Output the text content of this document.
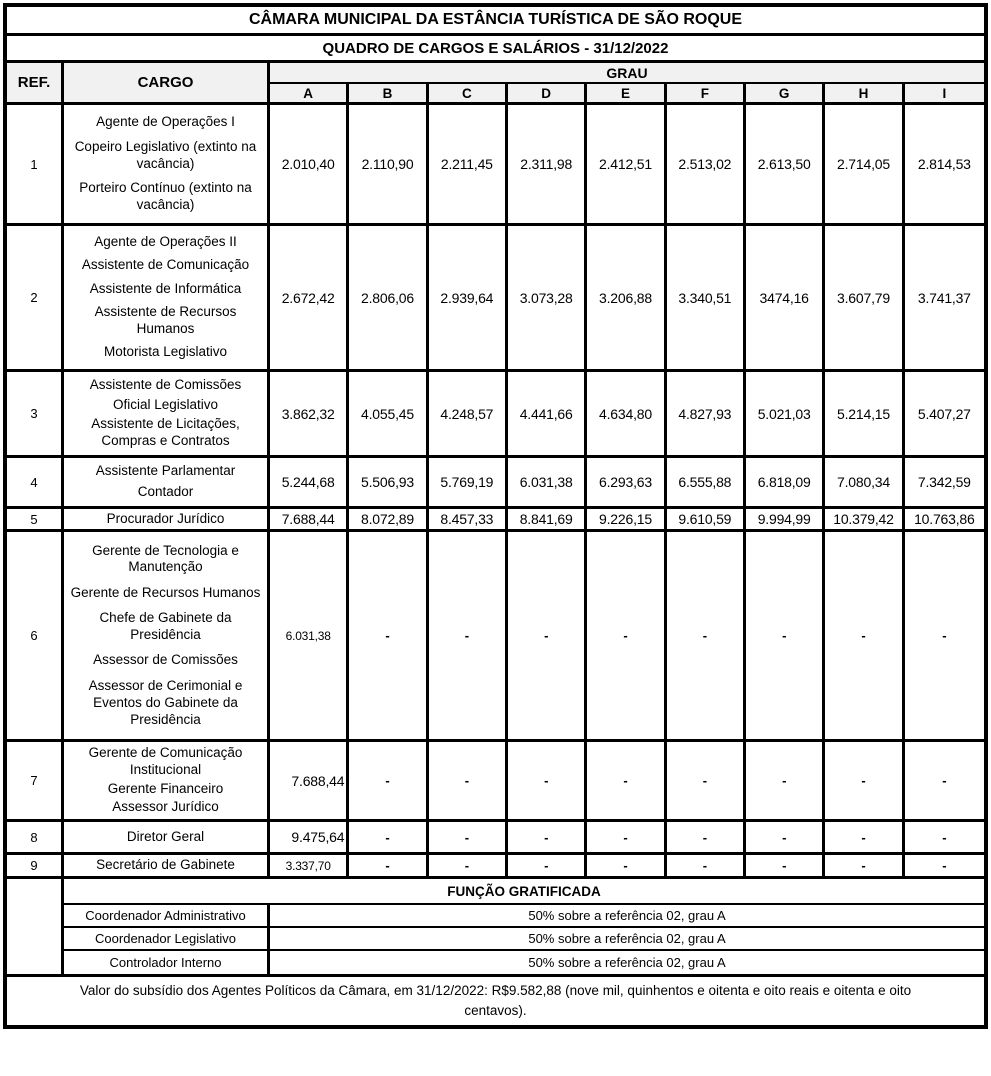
CÂMARA MUNICIPAL DA ESTÂNCIA TURÍSTICA DE SÃO ROQUE
QUADRO DE CARGOS E SALÁRIOS - 31/12/2022
REF.	CARGO
GRAU
A	B	C	D	E	F	G	H	I
1
Agente de Operações I
Copeiro Legislativo (extinto na vacância)
Porteiro Contínuo (extinto na vacância)
2.010,40	2.110,90	2.211,45	2.311,98	2.412,51	2.513,02	2.613,50	2.714,05	2.814,53
2
Agente de Operações II
Assistente de Comunicação
Assistente de Informática
Assistente de Recursos Humanos
Motorista Legislativo
2.672,42	2.806,06	2.939,64	3.073,28	3.206,88	3.340,51	3474,16	3.607,79	3.741,37
3
Assistente de Comissões
Oficial Legislativo
Assistente de Licitações, Compras e Contratos
3.862,32	4.055,45	4.248,57	4.441,66	4.634,80	4.827,93	5.021,03	5.214,15	5.407,27
4
Assistente Parlamentar
Contador
5.244,68	5.506,93	5.769,19	6.031,38	6.293,63	6.555,88	6.818,09	7.080,34	7.342,59
5	Procurador Jurídico	7.688,44	8.072,89	8.457,33	8.841,69	9.226,15	9.610,59	9.994,99	10.379,42	10.763,86
6
Gerente de Tecnologia e Manutenção
Gerente de Recursos Humanos
Chefe de Gabinete da Presidência
Assessor de Comissões
Assessor de Cerimonial e Eventos do Gabinete da Presidência
6.031,38	-	-	-	-	-	-	-	-
7
Gerente de Comunicação Institucional
Gerente Financeiro
Assessor Jurídico
7.688,44	-	-	-	-	-	-	-	-
8	Diretor Geral	9.475,64	-	-	-	-	-	-	-	-
9	Secretário de Gabinete	3.337,70	-	-	-	-	-	-	-	-
FUNÇÃO GRATIFICADA
Coordenador Administrativo	50% sobre a referência 02, grau A
Coordenador Legislativo	50% sobre a referência 02, grau A
Controlador Interno	50% sobre a referência 02, grau A
Valor do subsídio dos Agentes Políticos da Câmara, em 31/12/2022: R$9.582,88 (nove mil, quinhentos e oitenta e oito reais e oitenta e oito centavos).
